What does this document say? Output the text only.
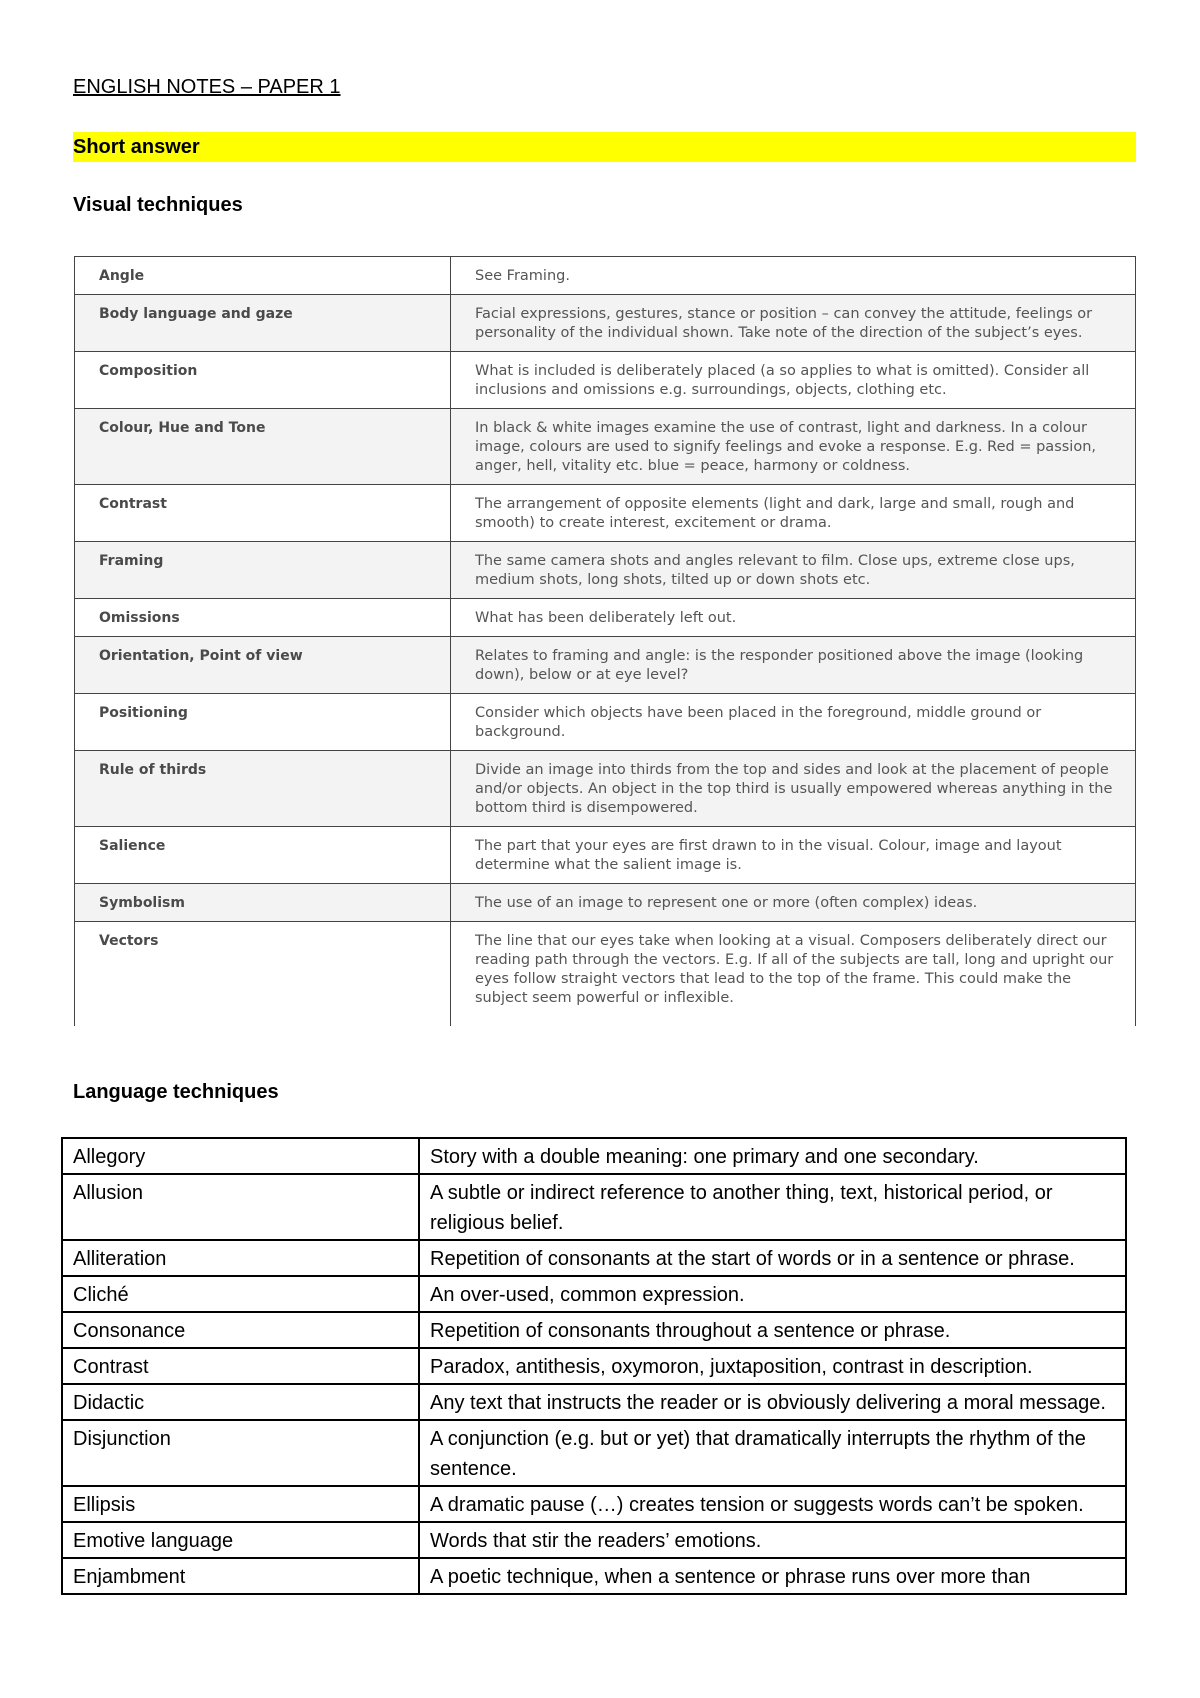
ENGLISH NOTES – PAPER 1
Short answer
Visual techniques
Angle	See Framing.
Body language and gaze	Facial expressions, gestures, stance or position – can convey the attitude, feelings or personality of the individual shown. Take note of the direction of the subject’s eyes.
Composition	What is included is deliberately placed (a so applies to what is omitted). Consider all inclusions and omissions e.g. surroundings, objects, clothing etc.
Colour, Hue and Tone	In black & white images examine the use of contrast, light and darkness. In a colour image, colours are used to signify feelings and evoke a response. E.g. Red = passion, anger, hell, vitality etc. blue = peace, harmony or coldness.
Contrast	The arrangement of opposite elements (light and dark, large and small, rough and smooth) to create interest, excitement or drama.
Framing	The same camera shots and angles relevant to film. Close ups, extreme close ups, medium shots, long shots, tilted up or down shots etc.
Omissions	What has been deliberately left out.
Orientation, Point of view	Relates to framing and angle: is the responder positioned above the image (looking down), below or at eye level?
Positioning	Consider which objects have been placed in the foreground, middle ground or background.
Rule of thirds	Divide an image into thirds from the top and sides and look at the placement of people and/or objects. An object in the top third is usually empowered whereas anything in the bottom third is disempowered.
Salience	The part that your eyes are first drawn to in the visual. Colour, image and layout determine what the salient image is.
Symbolism	The use of an image to represent one or more (often complex) ideas.
Vectors	The line that our eyes take when looking at a visual. Composers deliberately direct our reading path through the vectors. E.g. If all of the subjects are tall, long and upright our eyes follow straight vectors that lead to the top of the frame. This could make the subject seem powerful or inflexible.
Language techniques
Allegory	Story with a double meaning: one primary and one secondary.
Allusion	A subtle or indirect reference to another thing, text, historical period, or religious belief.
Alliteration	Repetition of consonants at the start of words or in a sentence or phrase.
Cliché	An over-used, common expression.
Consonance	Repetition of consonants throughout a sentence or phrase.
Contrast	Paradox, antithesis, oxymoron, juxtaposition, contrast in description.
Didactic	Any text that instructs the reader or is obviously delivering a moral message.
Disjunction	A conjunction (e.g. but or yet) that dramatically interrupts the rhythm of the sentence.
Ellipsis	A dramatic pause (…) creates tension or suggests words can’t be spoken.
Emotive language	Words that stir the readers’ emotions.
Enjambment	A poetic technique, when a sentence or phrase runs over more than
